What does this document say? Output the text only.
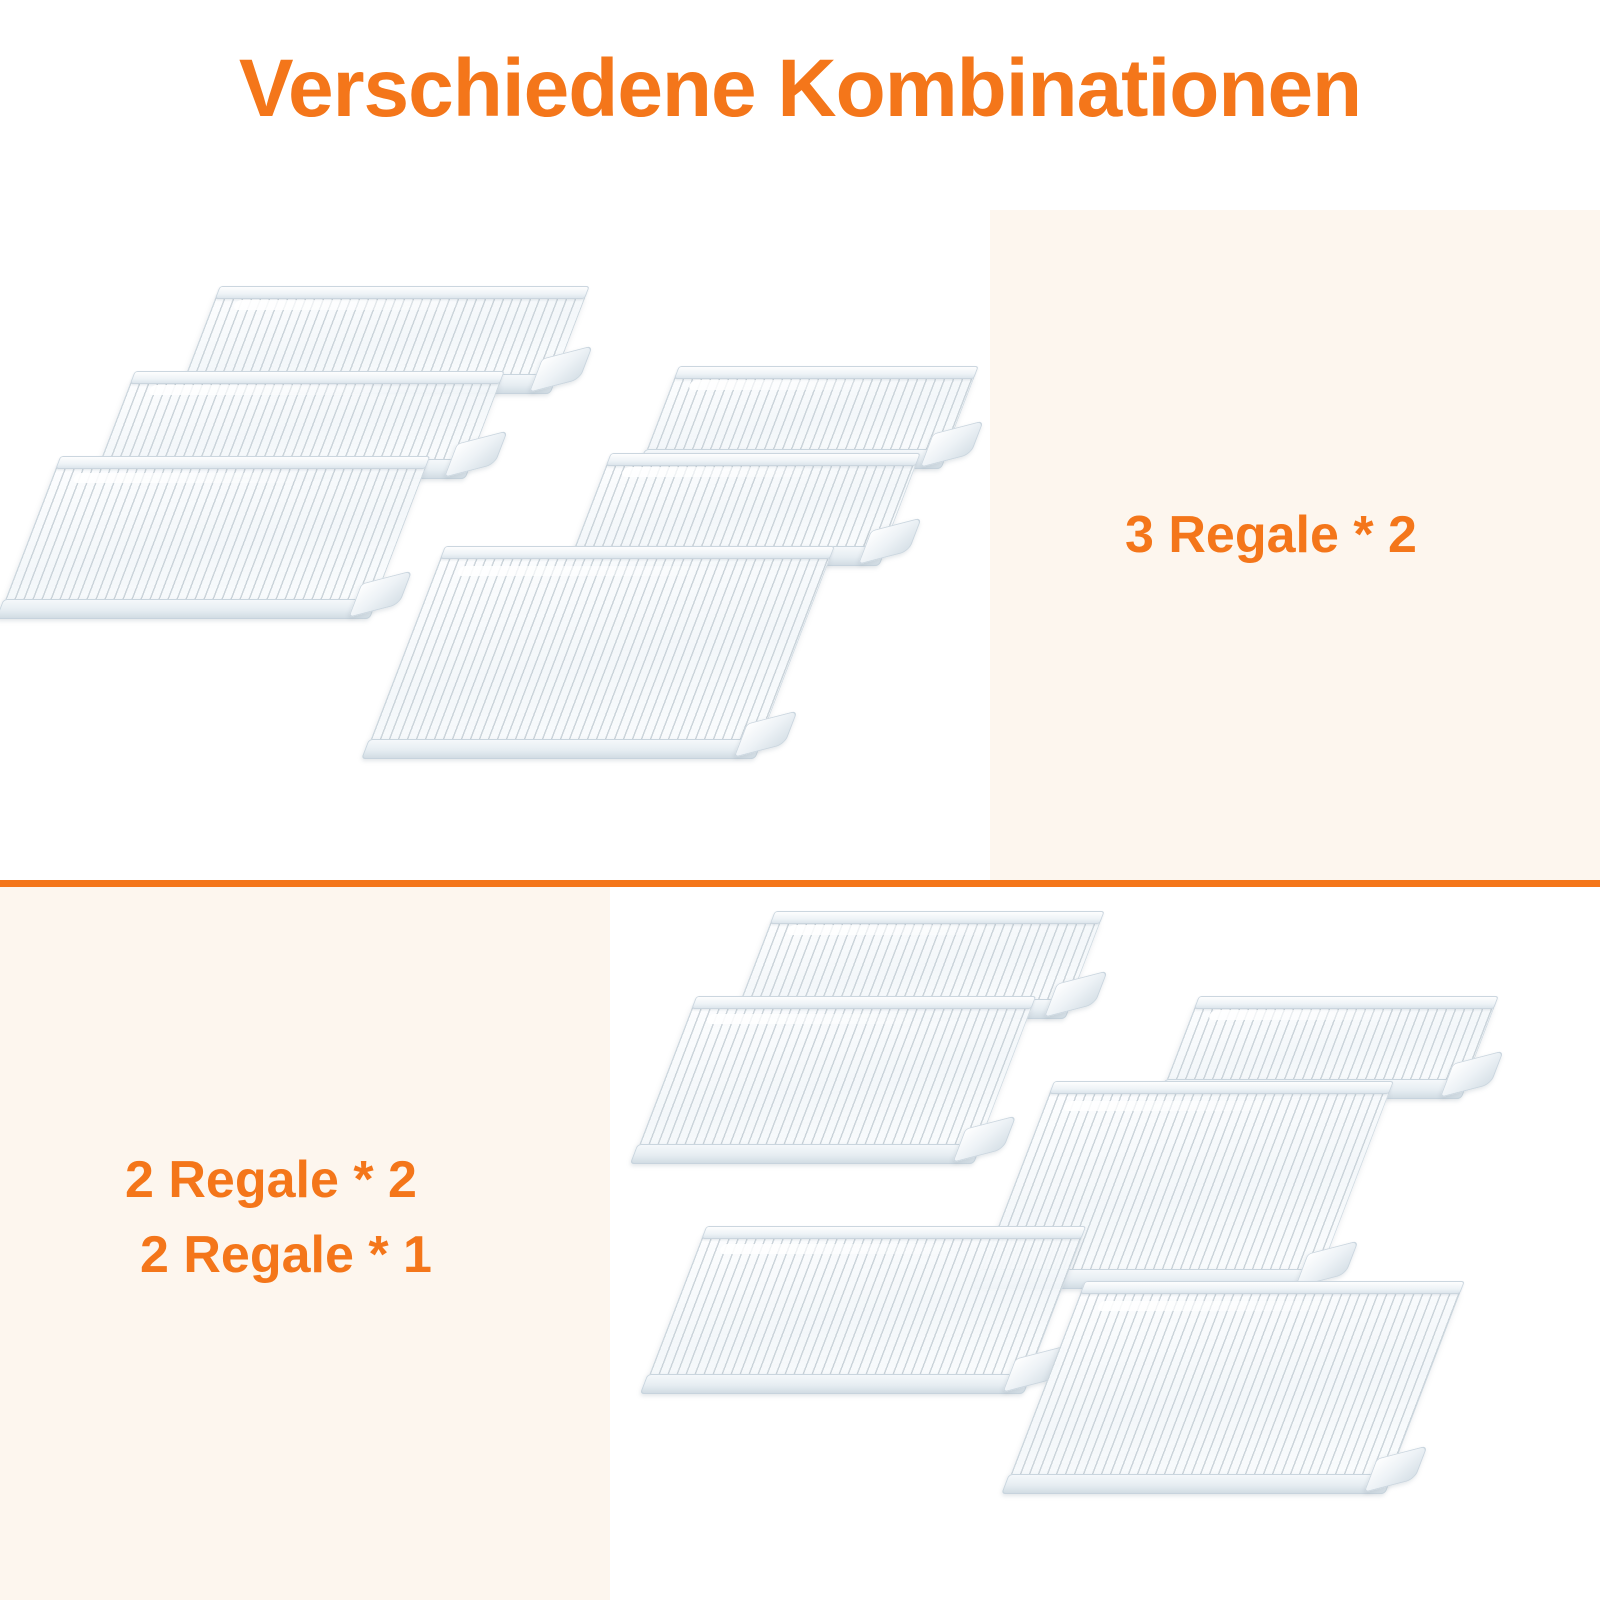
Verschiedene Kombinationen
3 Regale * 2
2 Regale * 2
2 Regale * 1
